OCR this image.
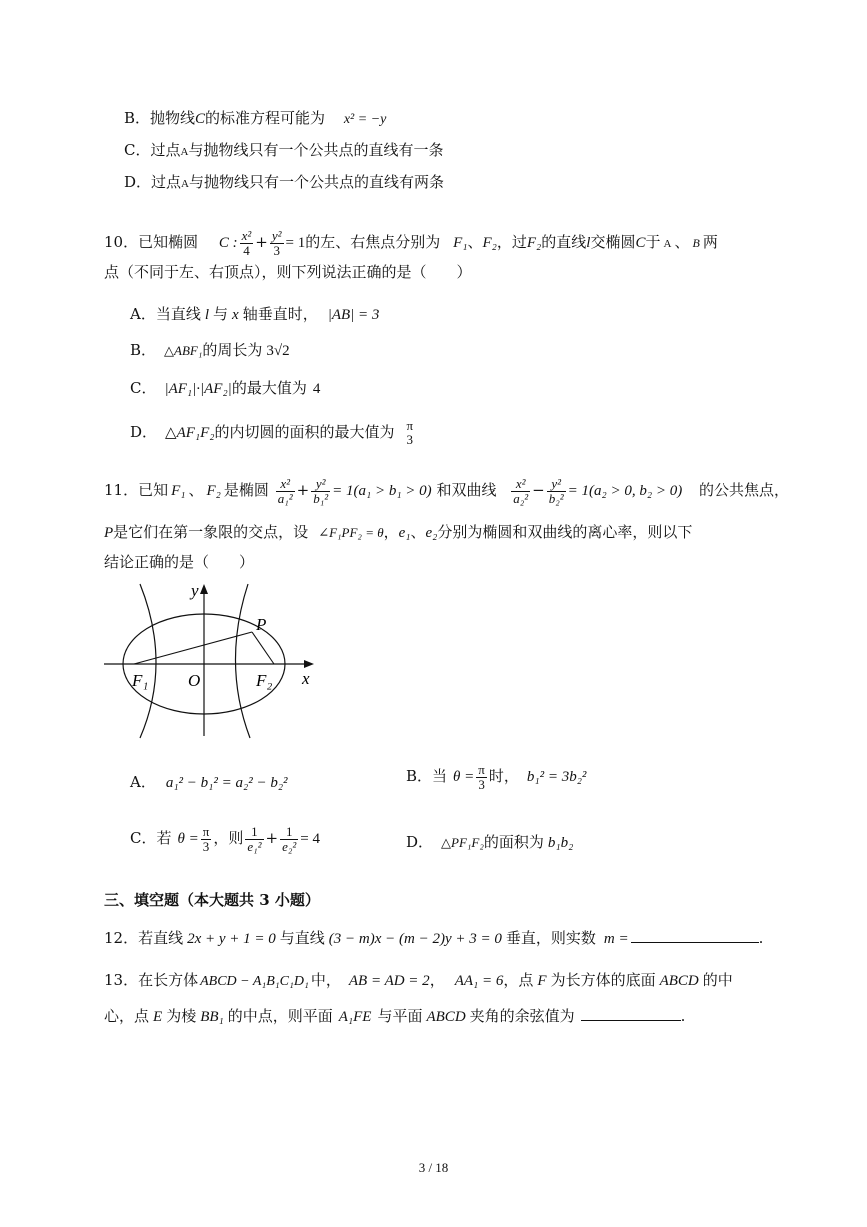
B．抛物线C的标准方程可能为 x² = −y
C．过点A与抛物线只有一个公共点的直线有一条
D．过点A与抛物线只有一个公共点的直线有两条
10．已知椭圆 C : $\frac{\text{x²}}{4} + \frac{\text{y²}}{3} = 1$的左、右焦点分别为 F₁、F₂，过F₂的直线l交椭圆C于 A 、 B 两
点（不同于左、右顶点），则下列说法正确的是（　　）
A．当直线 l 与 x 轴垂直时， |AB| = 3
B． △ABF₁的周长为 3√2
C． |AF₁|·|AF₂|的最大值为 4
D． △AF₁F₂的内切圆的面积的最大值为 π
3
11．已知 F₁ 、 F₂ 是椭圆 $\frac{\text{x²}}{\text{a₁²}} + \frac{\text{y²}}{\text{b₁²}} = 1(a_1 > b_1 > 0)$ 和双曲线 $\frac{\text{x²}}{\text{a₂²}} - \frac{\text{y²}}{\text{b₂²}} = 1(a_2 > 0$, b₂ > 0) 的公共焦点，
P是它们在第一象限的交点，设 ∠F₁PF₂ = θ，e₁、e₂分别为椭圆和双曲线的离心率，则以下
结论正确的是（　　）
y
x
P
O
F₁	F₂
A． a₁² − b₁² = a₂² − b₂²	B．当 $\theta = \frac{\pi}{3}$ 时， b₁² = 3b₂²
C．若 $\theta = \frac{\pi}{3}$ ，则 $\frac{1}{\text{e₁²}} + \frac{1}{\text{e₂²}} = 4$	D． △PF₁F₂的面积为 b₁b₂
三、填空题（本大题共 3 小题）
12．若直线 2x + y + 1 = 0 与直线 (3 − m)x − (m − 2)y + 3 = 0 垂直，则实数 m =	.
13．在长方体 ABCD − A₁B₁C₁D₁ 中， AB = AD = 2， AA₁ = 6，点 F 为长方体的底面 ABCD 的中
心，点 E 为棱 BB₁ 的中点，则平面 A₁FE 与平面 ABCD 夹角的余弦值为	.
3 / 18
